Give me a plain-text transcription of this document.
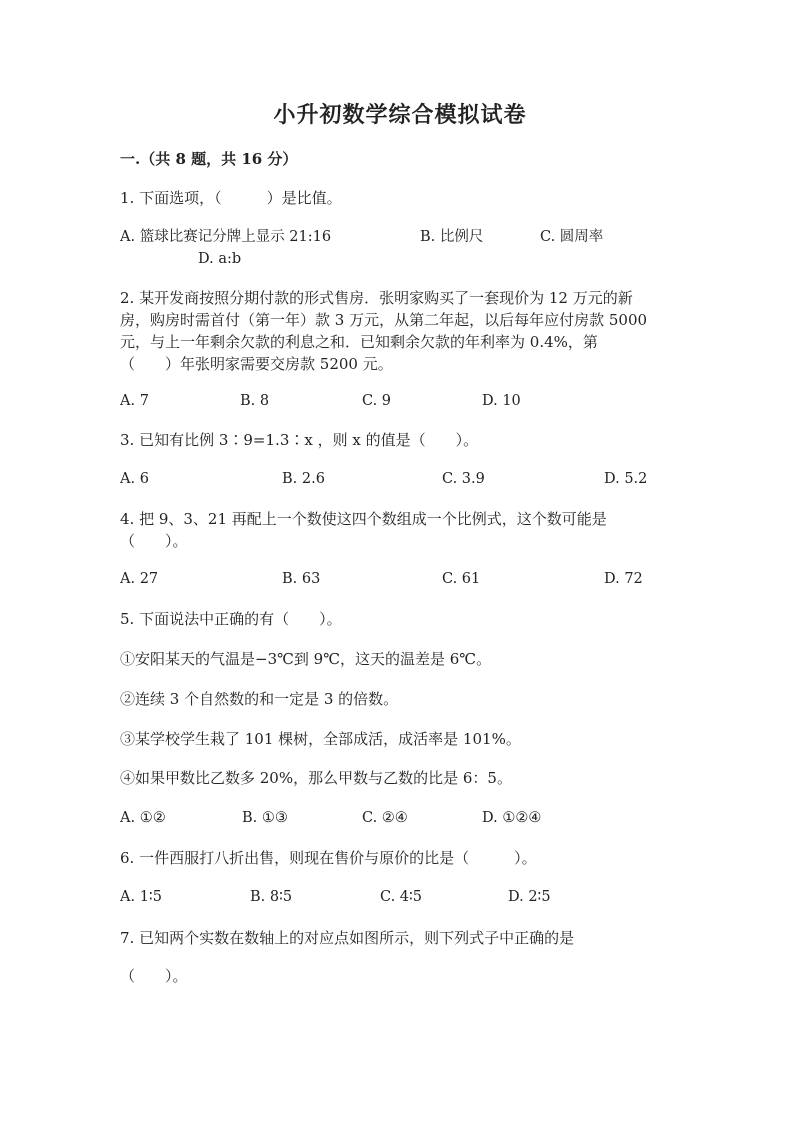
小升初数学综合模拟试卷
一.（共 8 题，共 16 分）
1. 下面选项，（　　　）是比值。
A. 篮球比赛记分牌上显示 21:16	B. 比例尺	C. 圆周率
D. a:b
2. 某开发商按照分期付款的形式售房．张明家购买了一套现价为 12 万元的新
房，购房时需首付（第一年）款 3 万元，从第二年起，以后每年应付房款 5000
元，与上一年剩余欠款的利息之和．已知剩余欠款的年利率为 0.4%，第
（　　）年张明家需要交房款 5200 元。
A. 7	B. 8	C. 9	D. 10
3. 已知有比例 3∶9=1.3∶x ，则 x 的值是（　　）。
A. 6	B. 2.6	C. 3.9	D. 5.2
4. 把 9、3、21 再配上一个数使这四个数组成一个比例式，这个数可能是
（　　）。
A. 27	B. 63	C. 61	D. 72
5. 下面说法中正确的有（　　）。
①安阳某天的气温是−3℃到 9℃，这天的温差是 6℃。
②连续 3 个自然数的和一定是 3 的倍数。
③某学校学生栽了 101 棵树，全部成活，成活率是 101%。
④如果甲数比乙数多 20%，那么甲数与乙数的比是 6：5。
A. ①②	B. ①③	C. ②④	D. ①②④
6. 一件西服打八折出售，则现在售价与原价的比是（　　　）。
A. 1∶5	B. 8∶5	C. 4∶5	D. 2∶5
7. 已知两个实数在数轴上的对应点如图所示，则下列式子中正确的是
（　　）。
